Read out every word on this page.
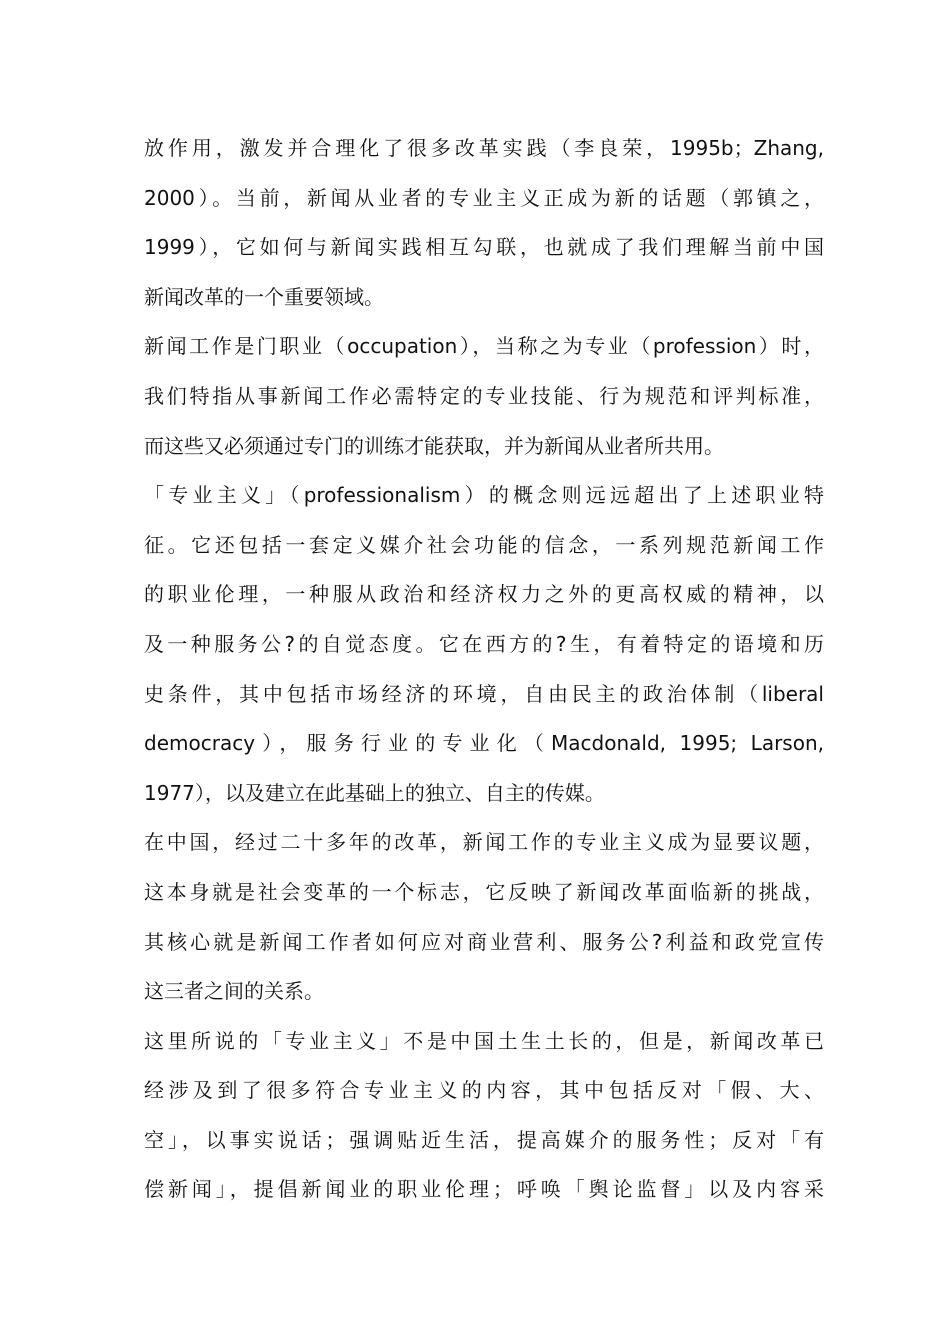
放作用，激发并合理化了很多改革实践（李良荣，1995b；Zhang,
2000）。当前，新闻从业者的专业主义正成为新的话题（郭镇之，
1999），它如何与新闻实践相互勾联，也就成了我们理解当前中国
新闻改革的一个重要领域。
新闻工作是门职业（occupation），当称之为专业（profession）时，
我们特指从事新闻工作必需特定的专业技能、行为规范和评判标准，
而这些又必须通过专门的训练才能获取，并为新闻从业者所共用。
「专业主义」（professionalism）的概念则远远超出了上述职业特
征。它还包括一套定义媒介社会功能的信念，一系列规范新闻工作
的职业伦理，一种服从政治和经济权力之外的更高权威的精神，以
及一种服务公?的自觉态度。它在西方的?生，有着特定的语境和历
史条件，其中包括市场经济的环境，自由民主的政治体制（liberal
democracy），服务行业的专业化（Macdonald, 1995; Larson,
1977），以及建立在此基础上的独立、自主的传媒。
在中国，经过二十多年的改革，新闻工作的专业主义成为显要议题，
这本身就是社会变革的一个标志，它反映了新闻改革面临新的挑战，
其核心就是新闻工作者如何应对商业营利、服务公?利益和政党宣传
这三者之间的关系。
这里所说的「专业主义」不是中国土生土长的，但是，新闻改革已
经涉及到了很多符合专业主义的内容，其中包括反对「假、大、
空」，以事实说话；强调贴近生活，提高媒介的服务性；反对「有
偿新闻」，提倡新闻业的职业伦理；呼唤「舆论监督」以及内容采
